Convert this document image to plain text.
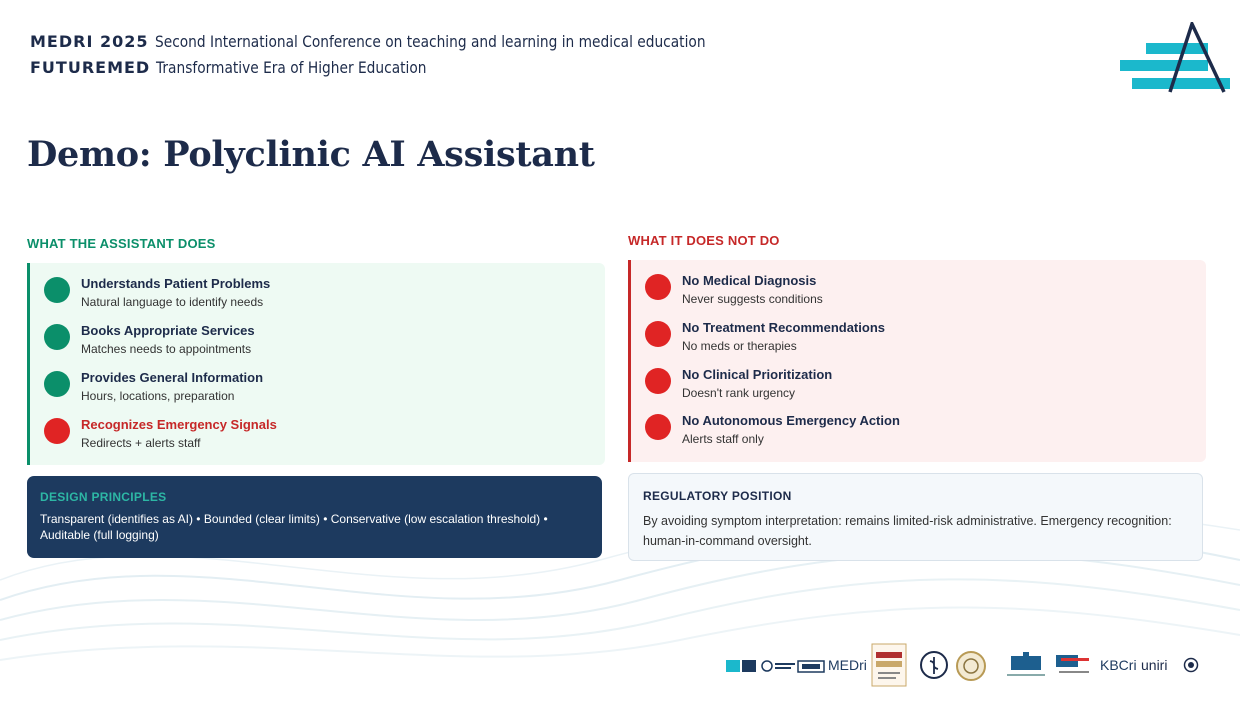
MEDRI 2025 Second International Conference on teaching and learning in medical education
FUTUREMED Transformative Era of Higher Education
Demo: Polyclinic AI Assistant
WHAT THE ASSISTANT DOES	WHAT IT DOES NOT DO
Understands Patient Problems
Natural language to identify needs
Books Appropriate Services
Matches needs to appointments
Provides General Information
Hours, locations, preparation
Recognizes Emergency Signals
Redirects + alerts staff
No Medical Diagnosis
Never suggests conditions
No Treatment Recommendations
No meds or therapies
No Clinical Prioritization
Doesn't rank urgency
No Autonomous Emergency Action
Alerts staff only
DESIGN PRINCIPLES
Transparent (identifies as AI) • Bounded (clear limits) • Conservative (low escalation threshold) • Auditable (full logging)
REGULATORY POSITION
By avoiding symptom interpretation: remains limited-risk administrative. Emergency recognition: human-in-command oversight.
MEDri	KBCri uniri
